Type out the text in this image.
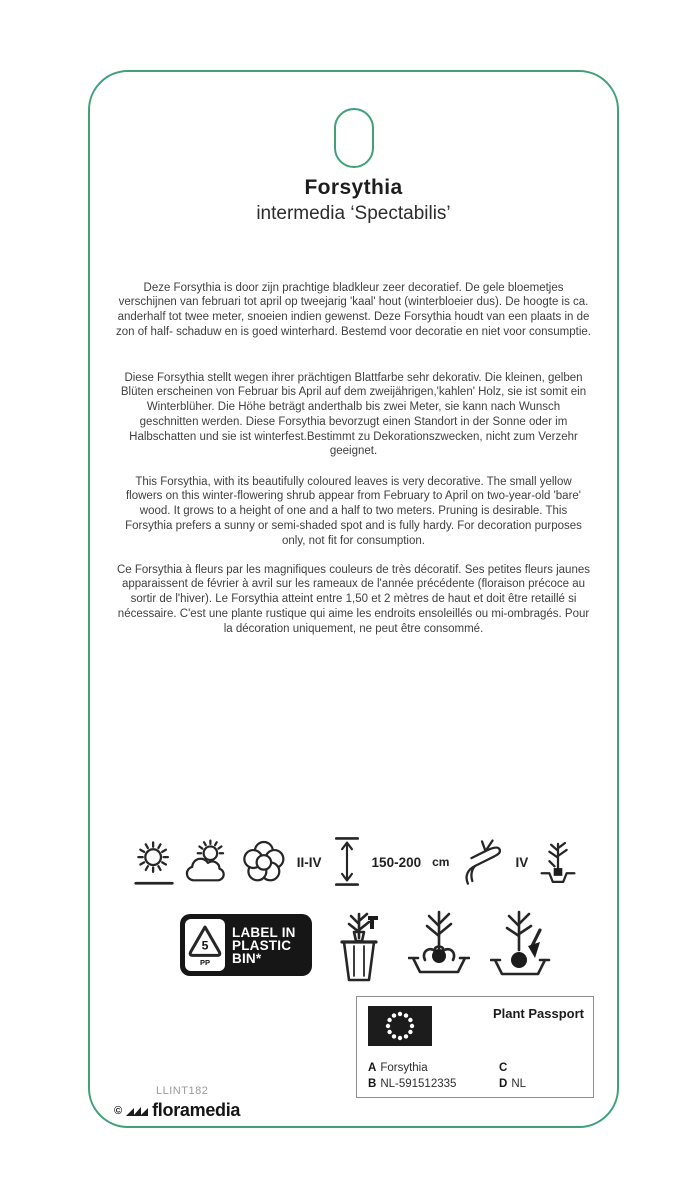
Forsythia
intermedia ‘Spectabilis’

Deze Forsythia is door zijn prachtige bladkleur zeer decoratief. De gele bloemetjes verschijnen van februari tot april op tweejarig 'kaal' hout (winterbloeier dus). De hoogte is ca. anderhalf tot twee meter, snoeien indien gewenst. Deze Forsythia houdt van een plaats in de zon of half- schaduw en is goed winterhard. Bestemd voor decoratie en niet voor consumptie.

Diese Forsythia stellt wegen ihrer prächtigen Blattfarbe sehr dekorativ. Die kleinen, gelben Blüten erscheinen von Februar bis April auf dem zweijährigen,'kahlen' Holz, sie ist somit ein Winterblüher. Die Höhe beträgt anderthalb bis zwei Meter, sie kann nach Wunsch geschnitten werden. Diese Forsythia bevorzugt einen Standort in der Sonne oder im Halbschatten und sie ist winterfest.Bestimmt zu Dekorationszwecken, nicht zum Verzehr geeignet.

This Forsythia, with its beautifully coloured leaves is very decorative. The small yellow flowers on this winter-flowering shrub appear from February to April on two-year-old 'bare' wood. It grows to a height of one and a half to two meters. Pruning is desirable. This Forsythia prefers a sunny or semi-shaded spot and is fully hardy. For decoration purposes only, not fit for consumption.

Ce Forsythia à fleurs par les magnifiques couleurs de très décoratif. Ses petites fleurs jaunes apparaissent de février à avril sur les rameaux de l'année précédente (floraison précoce au sortir de l'hiver). Le Forsythia atteint entre 1,50 et 2 mètres de haut et doit être retaillé si nécessaire. C'est une plante rustique qui aime les endroits ensoleillés ou mi-ombragés. Pour la décoration uniquement, ne peut être consommé.

II-IV	150-200 cm	IV
5
PP
LABEL IN
PLASTIC
BIN*
Plant Passport
A Forsythia	C
B NL-591512335	D NL
LLINT182
© floramedia
